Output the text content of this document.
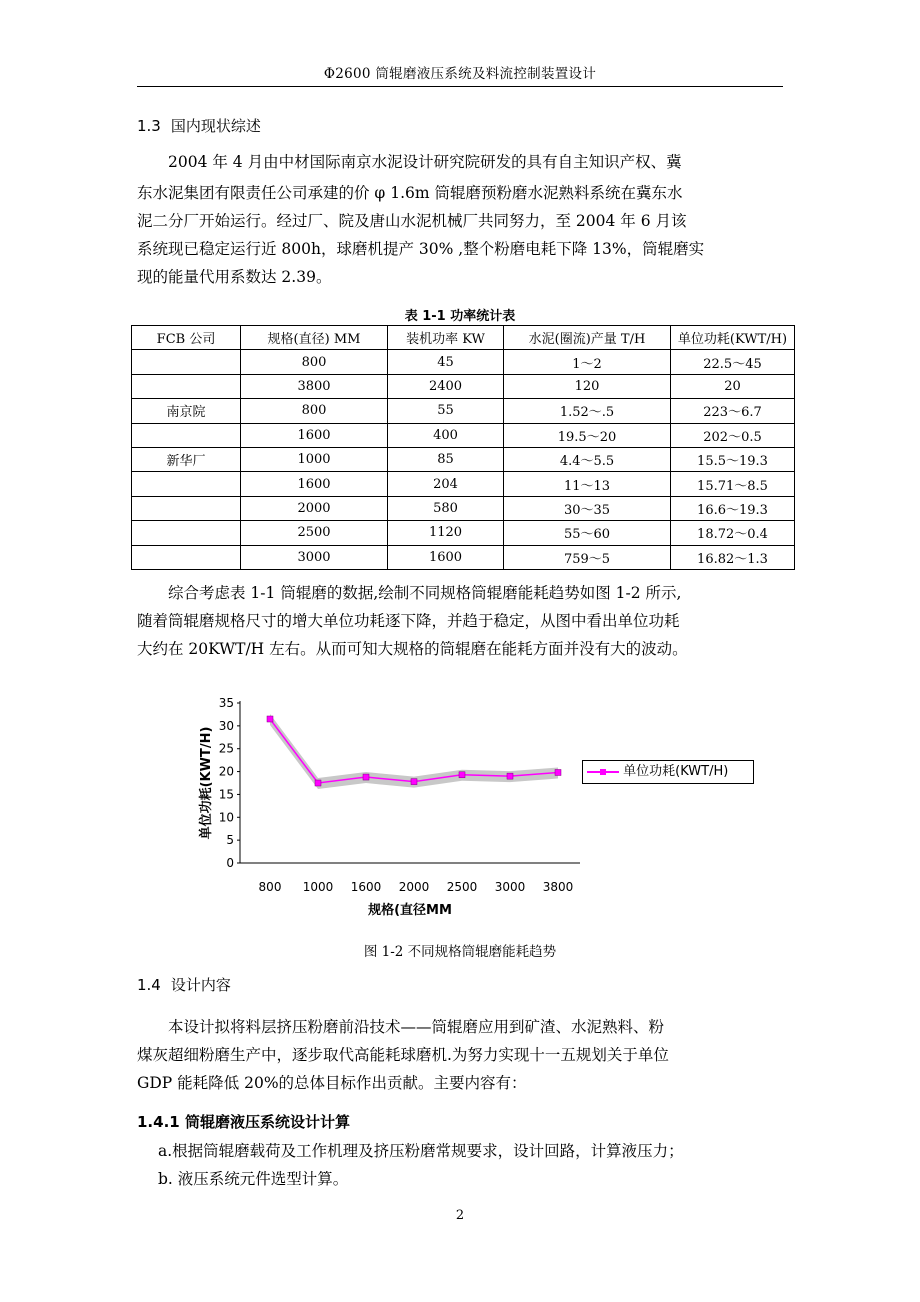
Φ2600 筒辊磨液压系统及料流控制装置设计
1.3 国内现状综述
2004 年 4 月由中材国际南京水泥设计研究院研发的具有自主知识产权、冀
东水泥集团有限责任公司承建的价 φ 1.6m 筒辊磨预粉磨水泥熟料系统在冀东水
泥二分厂开始运行。经过厂、院及唐山水泥机械厂共同努力，至 2004 年 6 月该
系统现已稳定运行近 800h，球磨机提产 30% ,整个粉磨电耗下降 13%，筒辊磨实
现的能量代用系数达 2.39。
表 1-1 功率统计表
FCB 公司	规格(直径) MM	装机功率 KW	水泥(圈流)产量 T/H	单位功耗(KWT/H)
	800	45	1～2	22.5～45
	3800	2400	120	20
南京院	800	55	1.52～.5	223～6.7
	1600	400	19.5～20	202～0.5
新华厂	1000	85	4.4～5.5	15.5～19.3
	1600	204	11～13	15.71～8.5
	2000	580	30～35	16.6～19.3
	2500	1120	55～60	18.72～0.4
	3000	1600	759～5	16.82～1.3
综合考虑表 1-1 筒辊磨的数据,绘制不同规格筒辊磨能耗趋势如图 1-2 所示,
随着筒辊磨规格尺寸的增大单位功耗逐下降，并趋于稳定，从图中看出单位功耗
大约在 20KWT/H 左右。从而可知大规格的筒辊磨在能耗方面并没有大的波动。
0
5
10
15
20
25
30
35
800 1000 1600 2000 2500 3000 3800
规格(直径MM
单位功耗(KWT/H)
图 1-2 不同规格筒辊磨能耗趋势
1.4 设计内容
本设计拟将料层挤压粉磨前沿技术——筒辊磨应用到矿渣、水泥熟料、粉
煤灰超细粉磨生产中，逐步取代高能耗球磨机.为努力实现十一五规划关于单位
GDP 能耗降低 20%的总体目标作出贡献。主要内容有：
1.4.1 筒辊磨液压系统设计计算
a.根据筒辊磨载荷及工作机理及挤压粉磨常规要求，设计回路，计算液压力；
b. 液压系统元件选型计算。
2
单位功耗(KWT/H)
